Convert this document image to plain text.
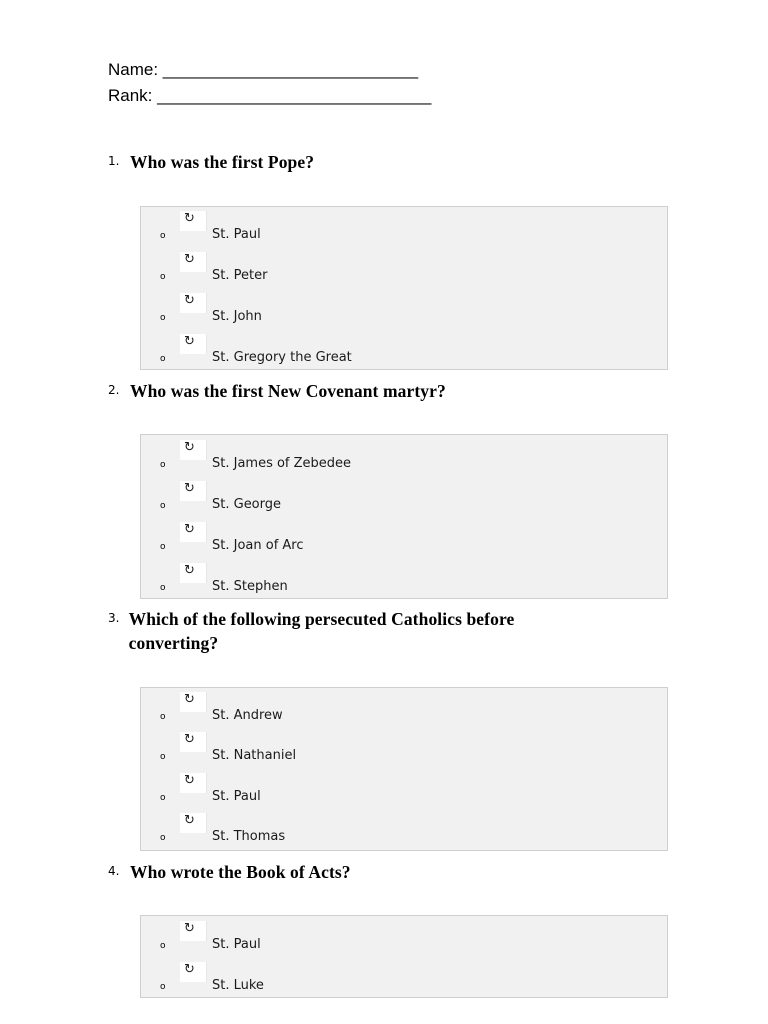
Name: ___________________________
Rank: _____________________________
1. Who was the first Pope?
o
↻
St. Paul
o
↻
St. Peter
o
↻
St. John
o
↻
St. Gregory the Great
2. Who was the first New Covenant martyr?
o
↻
St. James of Zebedee
o
↻
St. George
o
↻
St. Joan of Arc
o
↻
St. Stephen
3. Which of the following persecuted Catholics before converting?
o
↻
St. Andrew
o
↻
St. Nathaniel
o
↻
St. Paul
o
↻
St. Thomas
4. Who wrote the Book of Acts?
o
↻
St. Paul
o
↻
St. Luke
